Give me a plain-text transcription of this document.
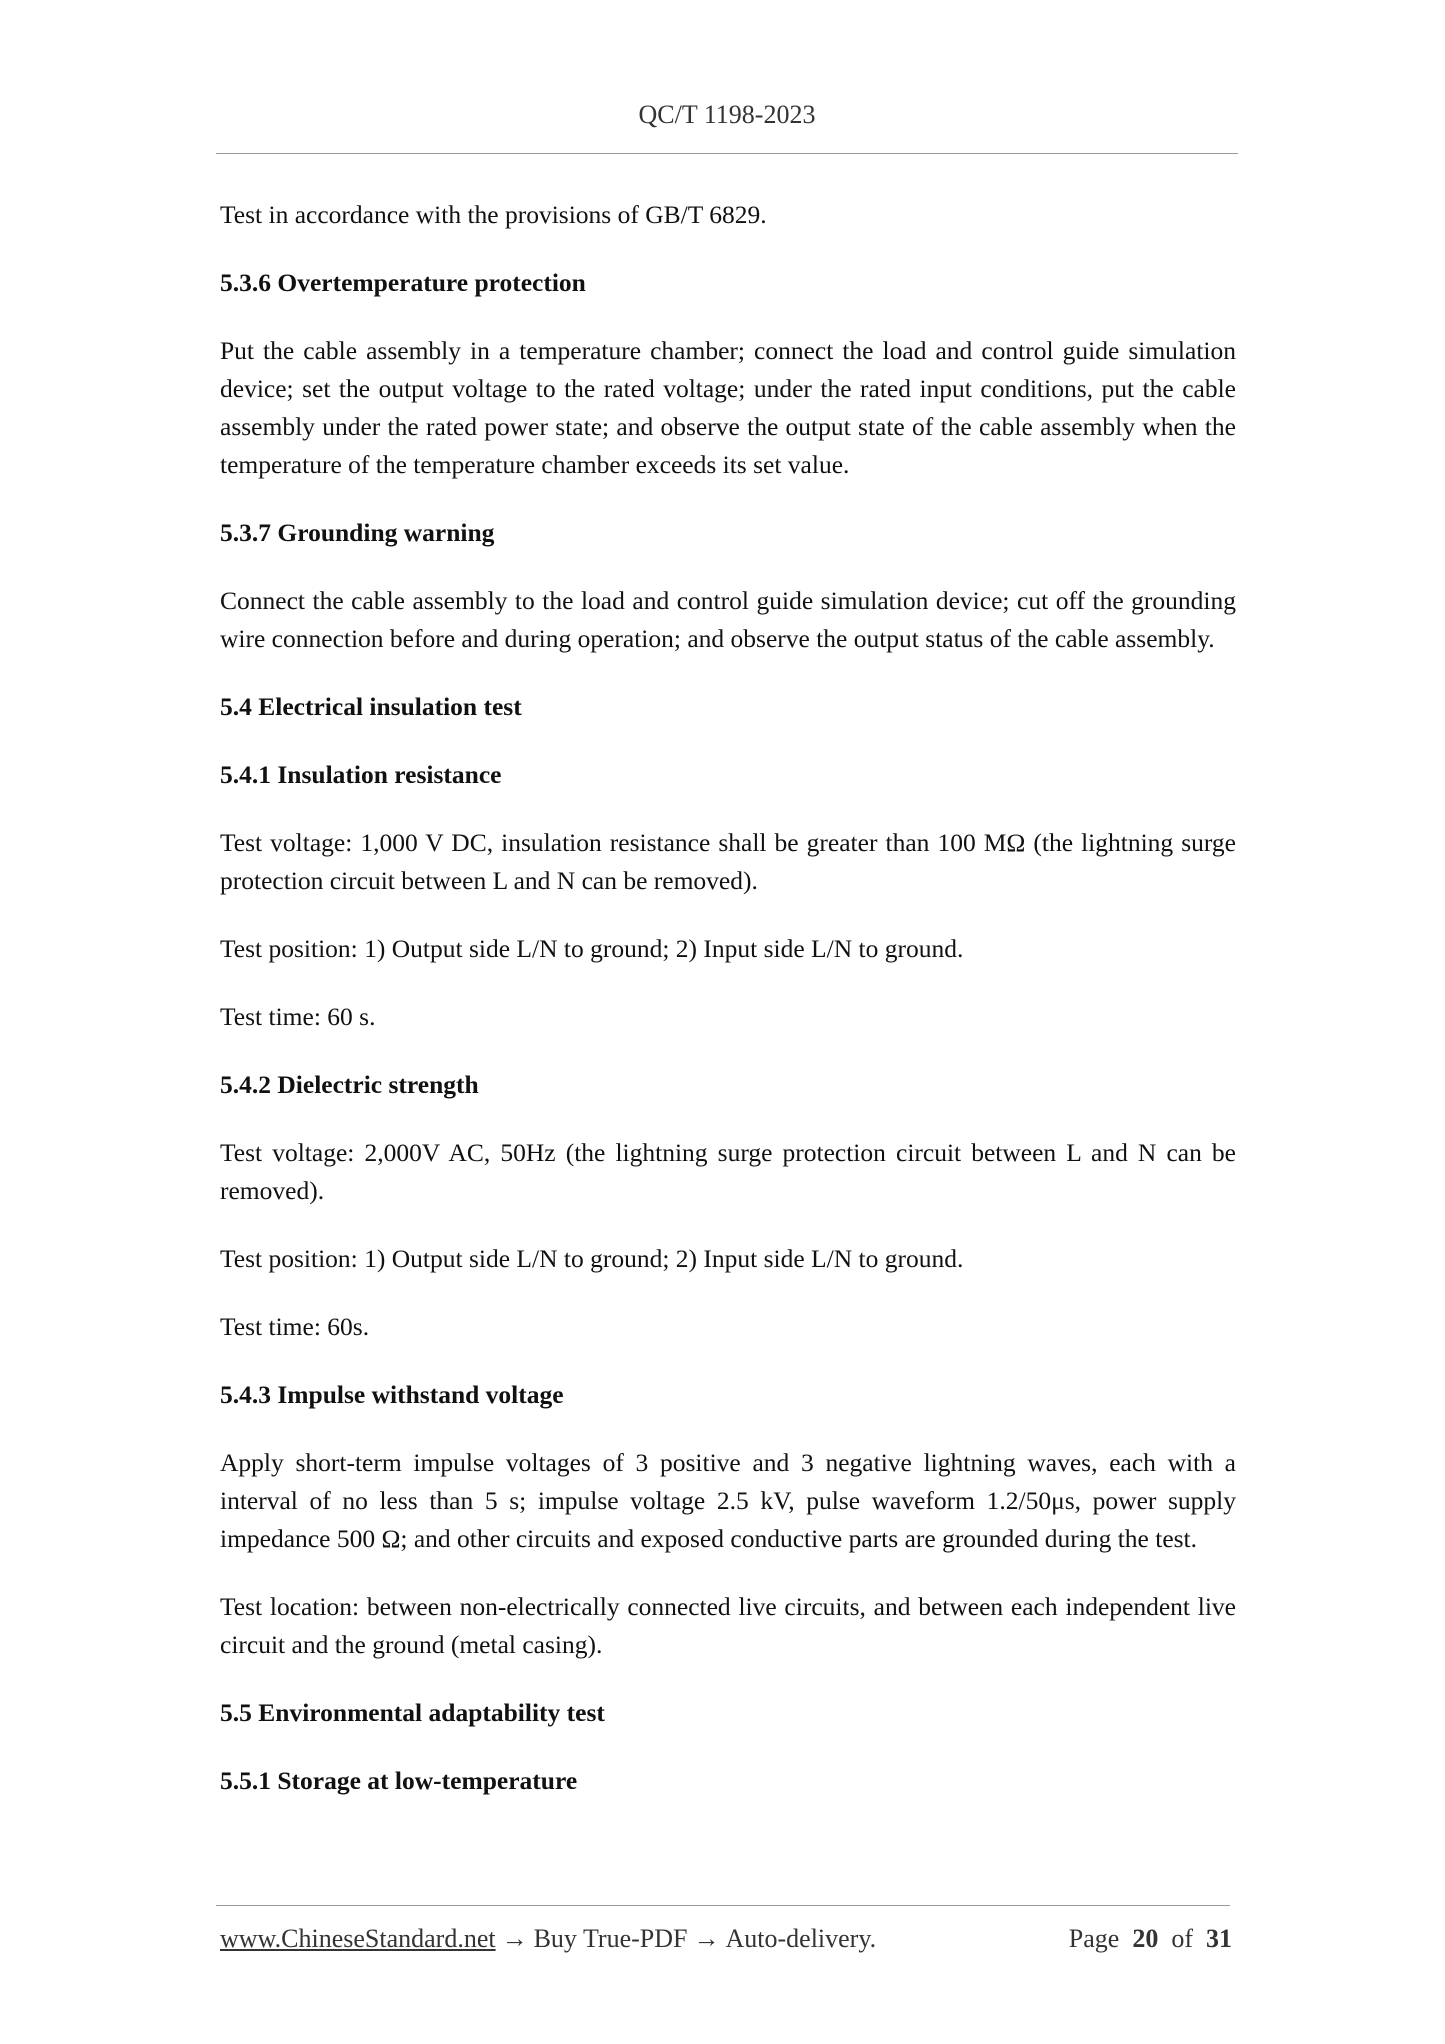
QC/T 1198-2023

Test in accordance with the provisions of GB/T 6829.

5.3.6 Overtemperature protection

Put the cable assembly in a temperature chamber; connect the load and control guide simulation device; set the output voltage to the rated voltage; under the rated input conditions, put the cable assembly under the rated power state; and observe the output state of the cable assembly when the temperature of the temperature chamber exceeds its set value.

5.3.7 Grounding warning

Connect the cable assembly to the load and control guide simulation device; cut off the grounding wire connection before and during operation; and observe the output status of the cable assembly.

5.4 Electrical insulation test
5.4.1 Insulation resistance

Test voltage: 1,000 V DC, insulation resistance shall be greater than 100 MΩ (the lightning surge protection circuit between L and N can be removed).

Test position: 1) Output side L/N to ground; 2) Input side L/N to ground.

Test time: 60 s.

5.4.2 Dielectric strength

Test voltage: 2,000V AC, 50Hz (the lightning surge protection circuit between L and N can be removed).

Test position: 1) Output side L/N to ground; 2) Input side L/N to ground.

Test time: 60s.

5.4.3 Impulse withstand voltage

Apply short-term impulse voltages of 3 positive and 3 negative lightning waves, each with a interval of no less than 5 s; impulse voltage 2.5 kV, pulse waveform 1.2/50μs, power supply impedance 500 Ω; and other circuits and exposed conductive parts are grounded during the test.

Test location: between non-electrically connected live circuits, and between each independent live circuit and the ground (metal casing).

5.5 Environmental adaptability test
5.5.1 Storage at low-temperature
www.ChineseStandard.net → Buy True-PDF → Auto-delivery.	Page 20 of 31
